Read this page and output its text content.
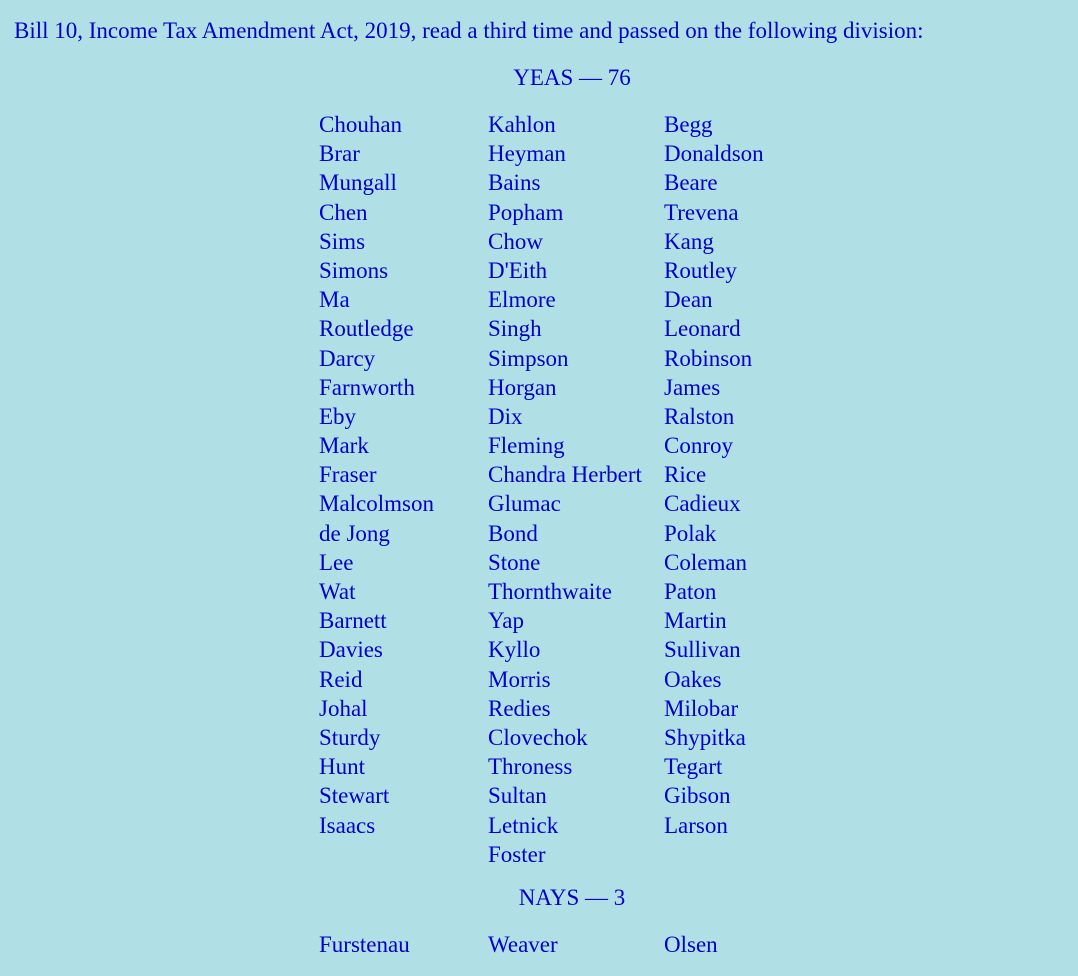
Bill 10, Income Tax Amendment Act, 2019, read a third time and passed on the following division:
YEAS — 76
Chouhan
Brar
Mungall
Chen
Sims
Simons
Ma
Routledge
Darcy
Farnworth
Eby
Mark
Fraser
Malcolmson
de Jong
Lee
Wat
Barnett
Davies
Reid
Johal
Sturdy
Hunt
Stewart
Isaacs
Kahlon
Heyman
Bains
Popham
Chow
D'Eith
Elmore
Singh
Simpson
Horgan
Dix
Fleming
Chandra Herbert
Glumac
Bond
Stone
Thornthwaite
Yap
Kyllo
Morris
Redies
Clovechok
Throness
Sultan
Letnick
Foster
Begg
Donaldson
Beare
Trevena
Kang
Routley
Dean
Leonard
Robinson
James
Ralston
Conroy
Rice
Cadieux
Polak
Coleman
Paton
Martin
Sullivan
Oakes
Milobar
Shypitka
Tegart
Gibson
Larson
NAYS — 3
Furstenau	Weaver	Olsen
